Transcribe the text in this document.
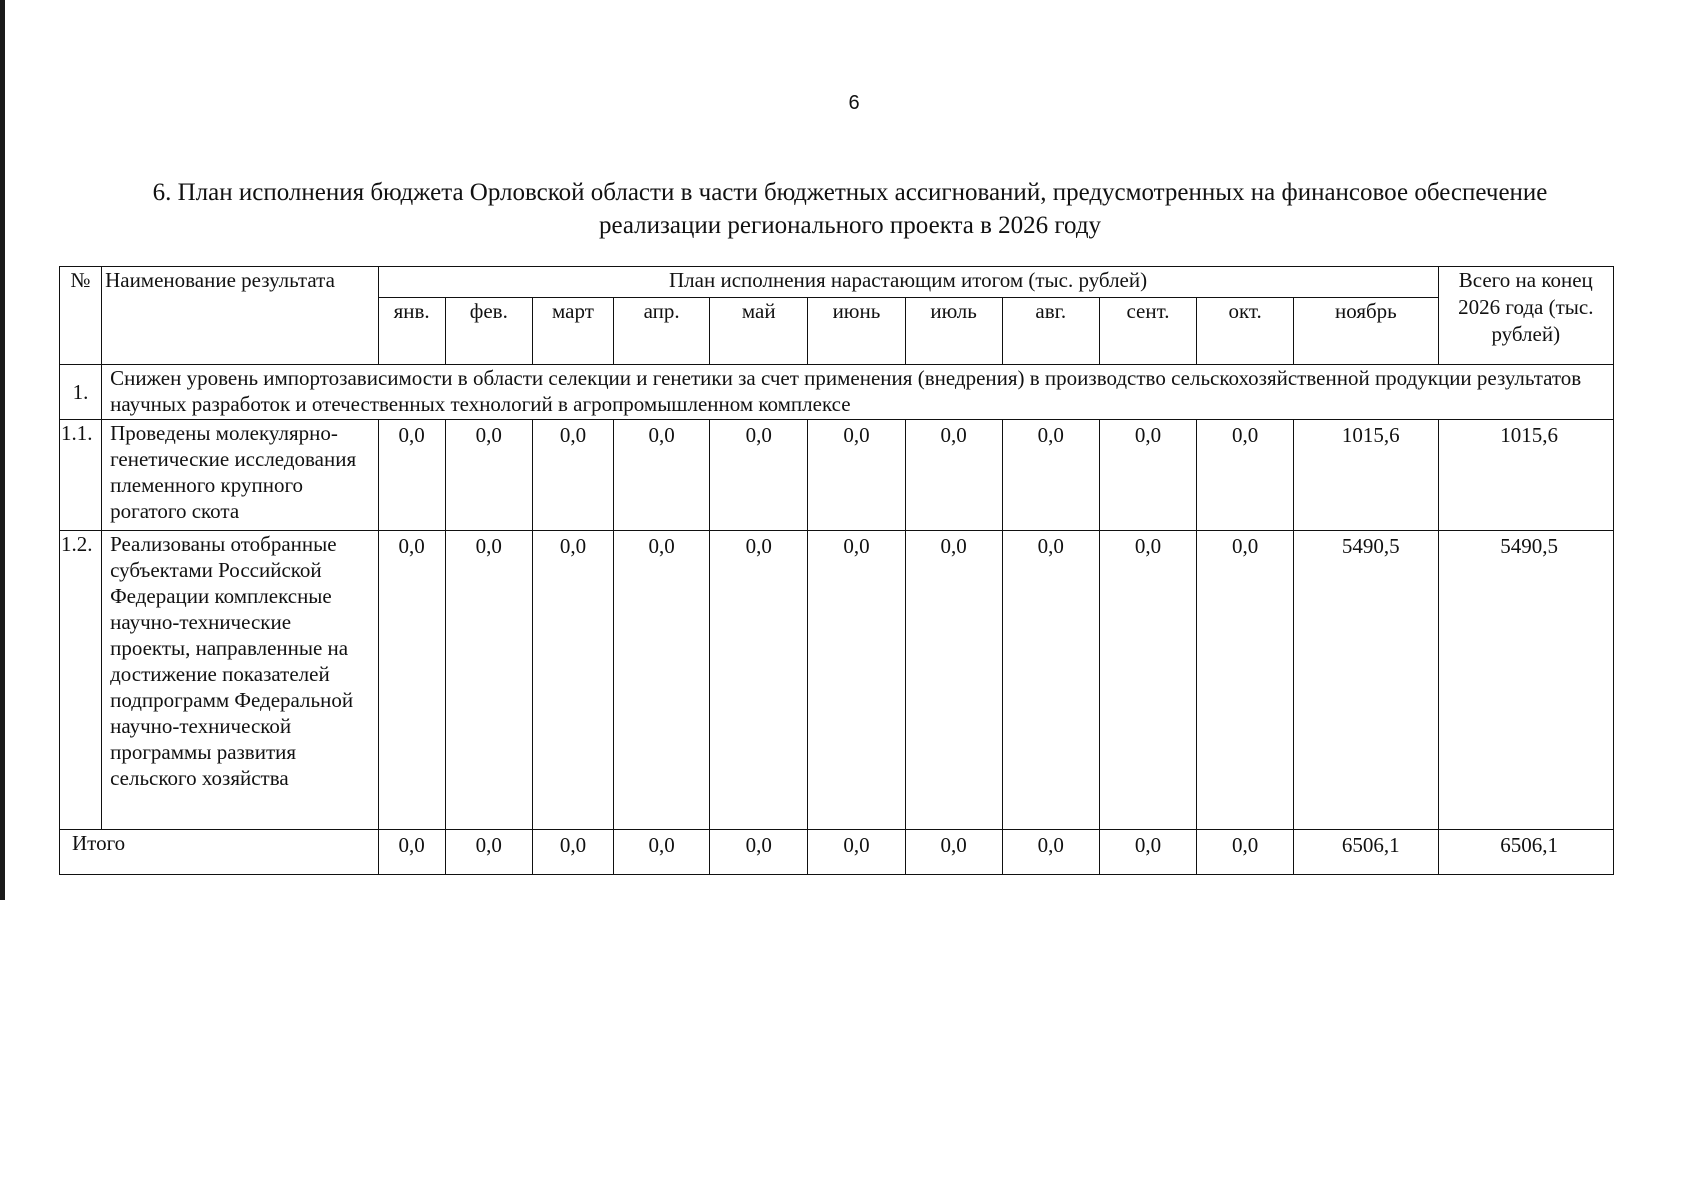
6
6. План исполнения бюджета Орловской области в части бюджетных ассигнований, предусмотренных на финансовое обеспечение реализации регионального проекта в 2026 году
№	Наименование результата	План исполнения нарастающим итогом (тыс. рублей)											Всего на конец 2026 года (тыс. рублей)
		янв.	фев.	март	апр.	май	июнь	июль	авг.	сент.	окт.	ноябрь	
1.	Снижен уровень импортозависимости в области селекции и генетики за счет применения (внедрения) в производство сельскохозяйственной продукции результатов научных разработок и отечественных технологий в агропромышленном комплексе												
1.1.	Проведены молекулярно-генетические исследования племенного крупного рогатого скота	0,0	0,0	0,0	0,0	0,0	0,0	0,0	0,0	0,0	0,0	1015,6	1015,6
1.2.	Реализованы отобранные субъектами Российской Федерации комплексные научно-технические проекты, направленные на достижение показателей подпрограмм Федеральной научно-технической программы развития сельского хозяйства	0,0	0,0	0,0	0,0	0,0	0,0	0,0	0,0	0,0	0,0	5490,5	5490,5
Итого		0,0	0,0	0,0	0,0	0,0	0,0	0,0	0,0	0,0	0,0	6506,1	6506,1
